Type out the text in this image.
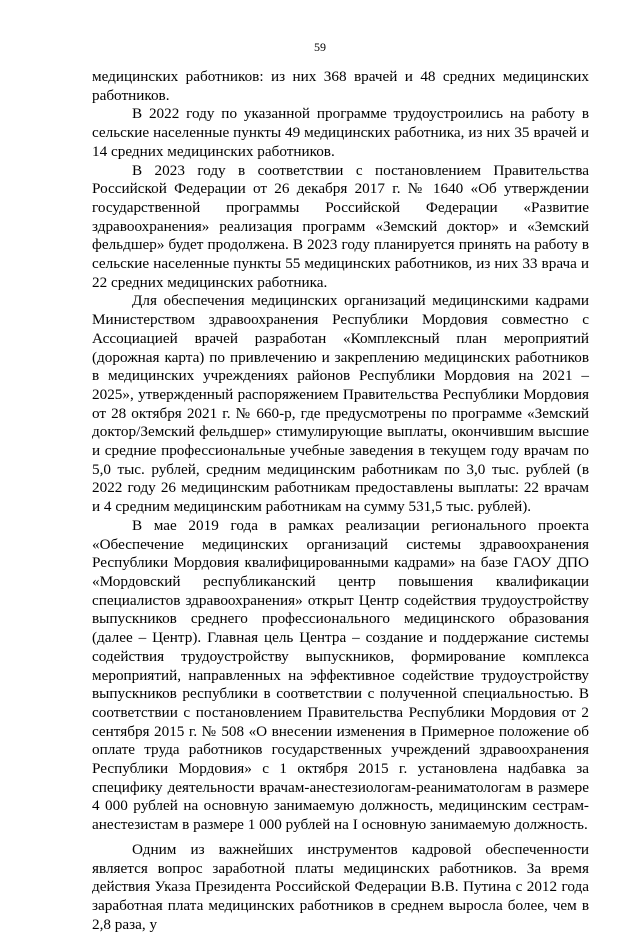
59

медицинских работников: из них 368 врачей и 48 средних медицинских работников.

В 2022 году по указанной программе трудоустроились на работу в сельские населенные пункты 49 медицинских работника, из них 35 врачей и 14 средних медицинских работников.

В 2023 году в соответствии с постановлением Правительства Российской Федерации от 26 декабря 2017 г. № 1640 «Об утверждении государственной программы Российской Федерации «Развитие здравоохранения» реализация программ «Земский доктор» и «Земский фельдшер» будет продолжена. В 2023 году планируется принять на работу в сельские населенные пункты 55 медицинских работников, из них 33 врача и 22 средних медицинских работника.

Для обеспечения медицинских организаций медицинскими кадрами Министерством здравоохранения Республики Мордовия совместно с Ассоциацией врачей разработан «Комплексный план мероприятий (дорожная карта) по привлечению и закреплению медицинских работников в медицинских учреждениях районов Республики Мордовия на 2021 – 2025», утвержденный распоряжением Правительства Республики Мордовия от 28 октября 2021 г. № 660-р, где предусмотрены по программе «Земский доктор/Земский фельдшер» стимулирующие выплаты, окончившим высшие и средние профессиональные учебные заведения в текущем году врачам по 5,0 тыс. рублей, средним медицинским работникам по 3,0 тыс. рублей (в 2022 году 26 медицинским работникам предоставлены выплаты: 22 врачам и 4 средним медицинским работникам на сумму 531,5 тыс. рублей).

В мае 2019 года в рамках реализации регионального проекта «Обеспечение медицинских организаций системы здравоохранения Республики Мордовия квалифицированными кадрами» на базе ГАОУ ДПО «Мордовский республиканский центр повышения квалификации специалистов здравоохранения» открыт Центр содействия трудоустройству выпускников среднего профессионального медицинского образования (далее – Центр). Главная цель Центра – создание и поддержание системы содействия трудоустройству выпускников, формирование комплекса мероприятий, направленных на эффективное содействие трудоустройству выпускников республики в соответствии с полученной специальностью. В соответствии с постановлением Правительства Республики Мордовия от 2 сентября 2015 г. № 508 «О внесении изменения в Примерное положение об оплате труда работников государственных учреждений здравоохранения Республики Мордовия» с 1 октября 2015 г. установлена надбавка за специфику деятельности врачам-анестезиологам-реаниматологам в размере 4 000 рублей на основную занимаемую должность, медицинским сестрам-анестезистам в размере 1 000 рублей на I основную занимаемую должность.

Одним из важнейших инструментов кадровой обеспеченности является вопрос заработной платы медицинских работников. За время действия Указа Президента Российской Федерации В.В. Путина с 2012 года заработная плата медицинских работников в среднем выросла более, чем в 2,8 раза, у
